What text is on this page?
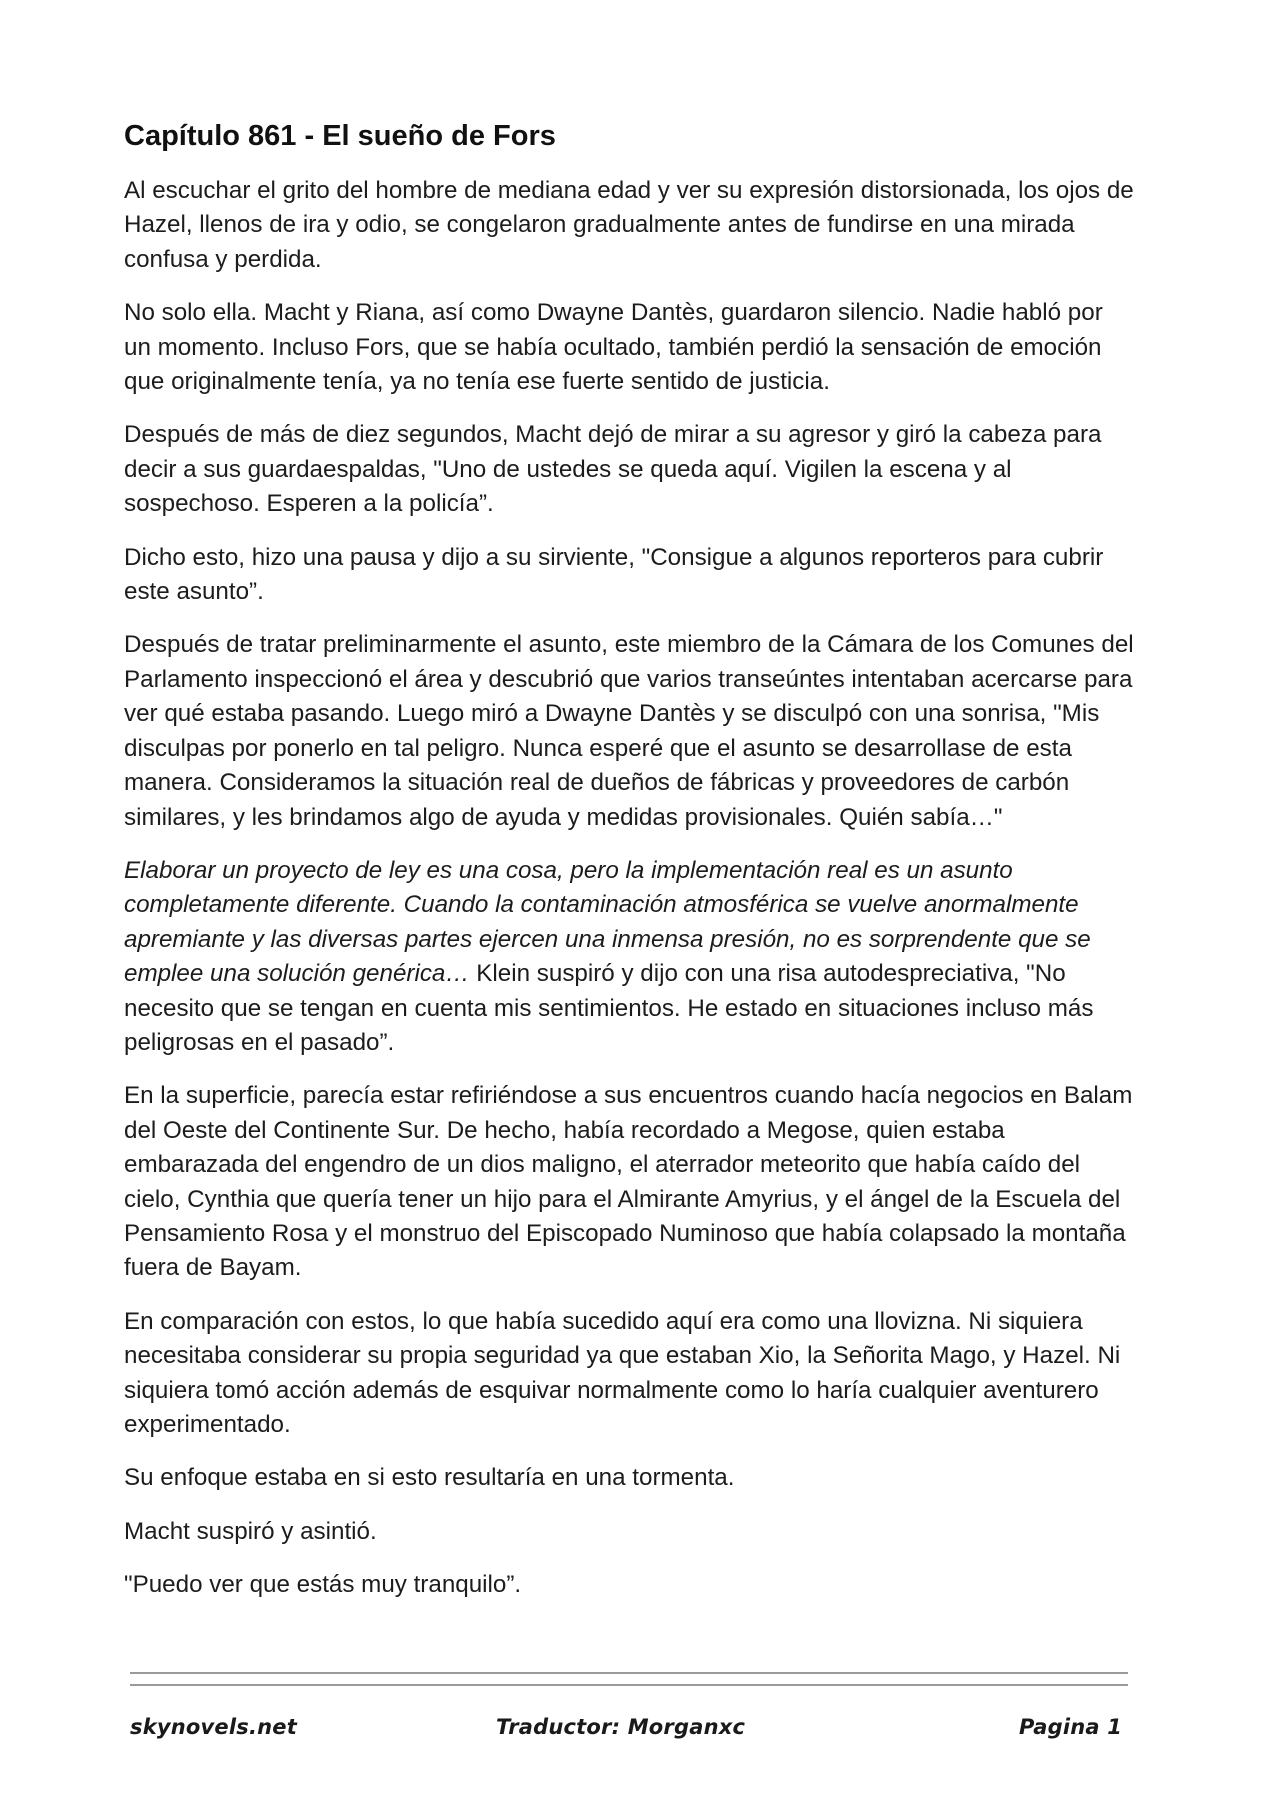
Capítulo 861 - El sueño de Fors

Al escuchar el grito del hombre de mediana edad y ver su expresión distorsionada, los ojos de Hazel, llenos de ira y odio, se congelaron gradualmente antes de fundirse en una mirada confusa y perdida.

No solo ella. Macht y Riana, así como Dwayne Dantès, guardaron silencio. Nadie habló por un momento. Incluso Fors, que se había ocultado, también perdió la sensación de emoción que originalmente tenía, ya no tenía ese fuerte sentido de justicia.

Después de más de diez segundos, Macht dejó de mirar a su agresor y giró la cabeza para decir a sus guardaespaldas, "Uno de ustedes se queda aquí. Vigilen la escena y al sospechoso. Esperen a la policía”.

Dicho esto, hizo una pausa y dijo a su sirviente, "Consigue a algunos reporteros para cubrir este asunto”.

Después de tratar preliminarmente el asunto, este miembro de la Cámara de los Comunes del Parlamento inspeccionó el área y descubrió que varios transeúntes intentaban acercarse para ver qué estaba pasando. Luego miró a Dwayne Dantès y se disculpó con una sonrisa, "Mis disculpas por ponerlo en tal peligro. Nunca esperé que el asunto se desarrollase de esta manera. Consideramos la situación real de dueños de fábricas y proveedores de carbón similares, y les brindamos algo de ayuda y medidas provisionales. Quién sabía…"

Elaborar un proyecto de ley es una cosa, pero la implementación real es un asunto completamente diferente. Cuando la contaminación atmosférica se vuelve anormalmente apremiante y las diversas partes ejercen una inmensa presión, no es sorprendente que se emplee una solución genérica… Klein suspiró y dijo con una risa autodespreciativa, "No necesito que se tengan en cuenta mis sentimientos. He estado en situaciones incluso más peligrosas en el pasado”.

En la superficie, parecía estar refiriéndose a sus encuentros cuando hacía negocios en Balam del Oeste del Continente Sur. De hecho, había recordado a Megose, quien estaba embarazada del engendro de un dios maligno, el aterrador meteorito que había caído del cielo, Cynthia que quería tener un hijo para el Almirante Amyrius, y el ángel de la Escuela del Pensamiento Rosa y el monstruo del Episcopado Numinoso que había colapsado la montaña fuera de Bayam.

En comparación con estos, lo que había sucedido aquí era como una llovizna. Ni siquiera necesitaba considerar su propia seguridad ya que estaban Xio, la Señorita Mago, y Hazel. Ni siquiera tomó acción además de esquivar normalmente como lo haría cualquier aventurero experimentado.

Su enfoque estaba en si esto resultaría en una tormenta.

Macht suspiró y asintió.

"Puedo ver que estás muy tranquilo”.

skynovels.net	Traductor: Morganxc	Pagina 1
